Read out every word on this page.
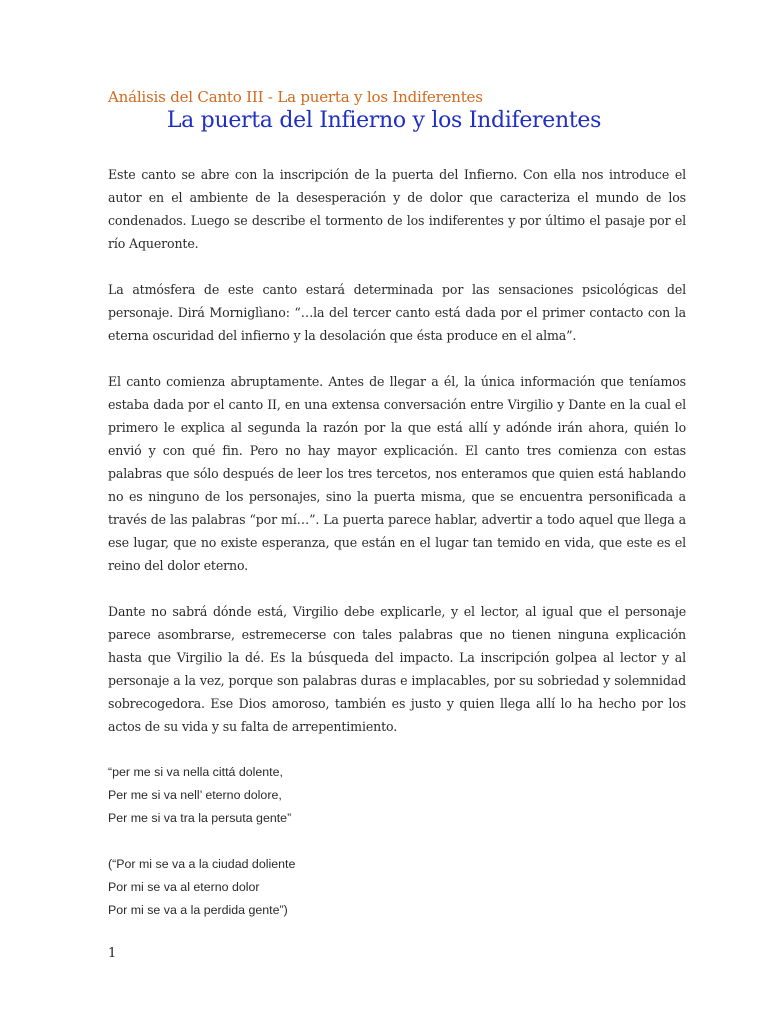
Análisis del Canto III - La puerta y los Indiferentes
La puerta del Infierno y los Indiferentes

Este canto se abre con la inscripción de la puerta del Infierno. Con ella nos introduce el autor en el ambiente de la desesperación y de dolor que caracteriza el mundo de los condenados. Luego se describe el tormento de los indiferentes y por último el pasaje por el río Aqueronte.

La atmósfera de este canto estará determinada por las sensaciones psicológicas del personaje. Dirá Morniglìano: “…la del tercer canto está dada por el primer contacto con la eterna oscuridad del infierno y la desolación que ésta produce en el alma”.

El canto comienza abruptamente. Antes de llegar a él, la única información que teníamos estaba dada por el canto II, en una extensa conversación entre Virgilio y Dante en la cual el primero le explica al segunda la razón por la que está allí y adónde irán ahora, quién lo envió y con qué fin. Pero no hay mayor explicación. El canto tres comienza con estas palabras que sólo después de leer los tres tercetos, nos enteramos que quien está hablando no es ninguno de los personajes, sino la puerta misma, que se encuentra personificada a través de las palabras “por mí…”. La puerta parece hablar, advertir a todo aquel que llega a ese lugar, que no existe esperanza, que están en el lugar tan temido en vida, que este es el reino del dolor eterno.

Dante no sabrá dónde está, Virgilio debe explicarle, y el lector, al igual que el personaje parece asombrarse, estremecerse con tales palabras que no tienen ninguna explicación hasta que Virgilio la dé. Es la búsqueda del impacto. La inscripción golpea al lector y al personaje a la vez, porque son palabras duras e implacables, por su sobriedad y solemnidad sobrecogedora. Ese Dios amoroso, también es justo y quien llega allí lo ha hecho por los actos de su vida y su falta de arrepentimiento.

“per me si va nella cittá dolente,
Per me si va nell’ eterno dolore,
Per me si va tra la persuta gente”
(“Por mi se va a la ciudad doliente
Por mi se va al eterno dolor
Por mi se va a la perdida gente”)
1
